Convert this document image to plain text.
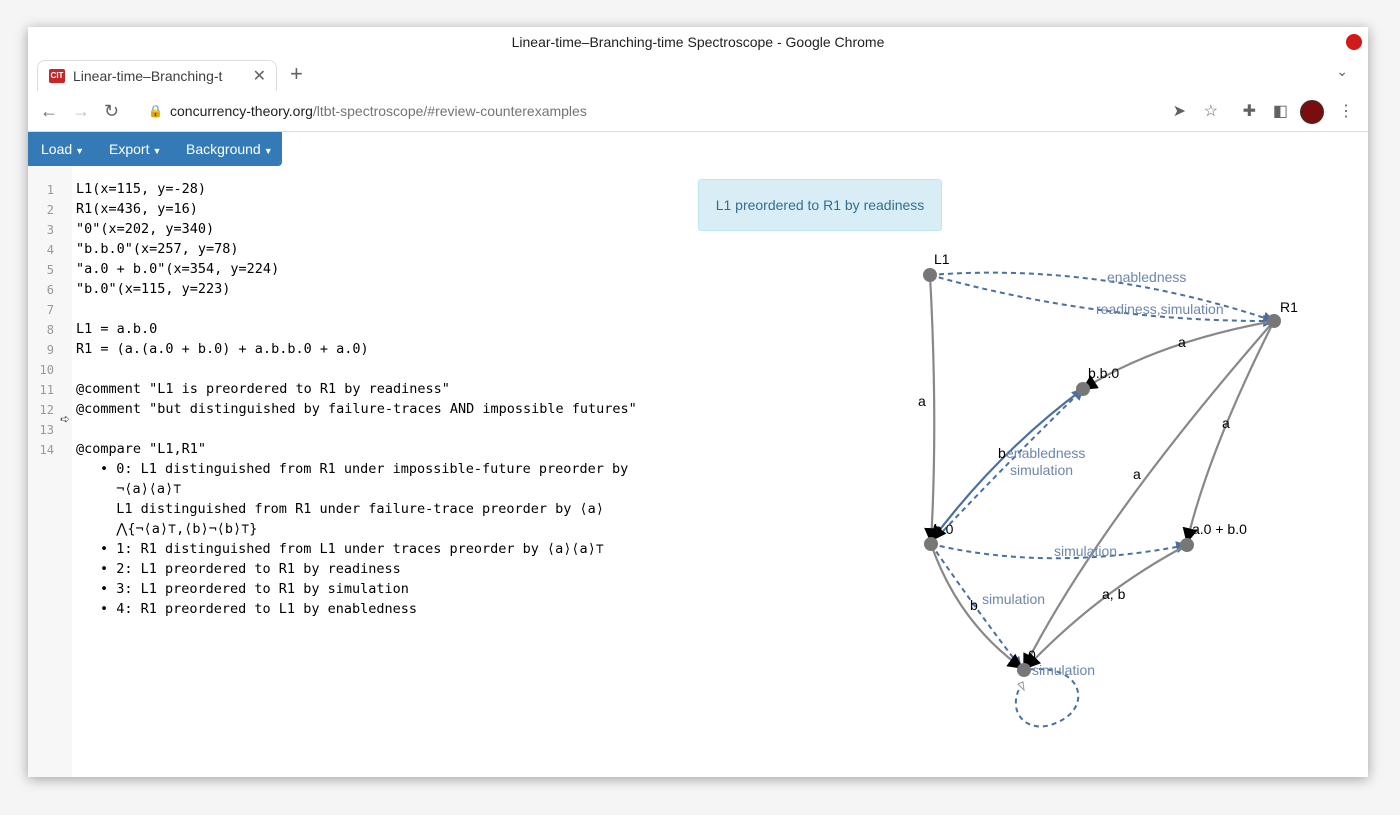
Linear-time–Branching-time Spectroscope - Google Chrome
CIT Linear-time–Branching-t	✕ +	⌄
← → ↻ 🔒 concurrency-theory.org/ltbt-spectroscope/#review-counterexamples	➤ ☆ ✚ ◧	⋮
Load ▼ Export ▼ Background ▼
1 L1(x=115, y=-28)
2 R1(x=436, y=16)
3 "0"(x=202, y=340)
4 "b.b.0"(x=257, y=78)
5 "a.0 + b.0"(x=354, y=224)
6 "b.0"(x=115, y=223)
7
8 L1 = a.b.0
9 R1 = (a.(a.0 + b.0) + a.b.b.0 + a.0)
10
11 @comment "L1 is preordered to R1 by readiness"
12 @comment "but distinguished by failure-traces AND impossible futures"
13
14 @compare "L1,R1"
• 0: L1 distinguished from R1 under impossible-future preorder by
¬⟨a⟩⟨a⟩⊤
L1 distinguished from R1 under failure-trace preorder by ⟨a⟩
⋀{¬⟨a⟩⊤,⟨b⟩¬⟨b⟩⊤}
• 1: R1 distinguished from L1 under traces preorder by ⟨a⟩⟨a⟩⊤
• 2: L1 preordered to R1 by readiness
• 3: L1 preordered to R1 by simulation
• 4: R1 preordered to L1 by enabledness
➪
L1 preordered to R1 by readiness
L1
R1
b.b.0
b.0	a.0 + b.0
0
a
a
a
a
b
b
a, b
enabledness
readiness,simulation
enabledness
simulation
simulation
simulation
simulation
